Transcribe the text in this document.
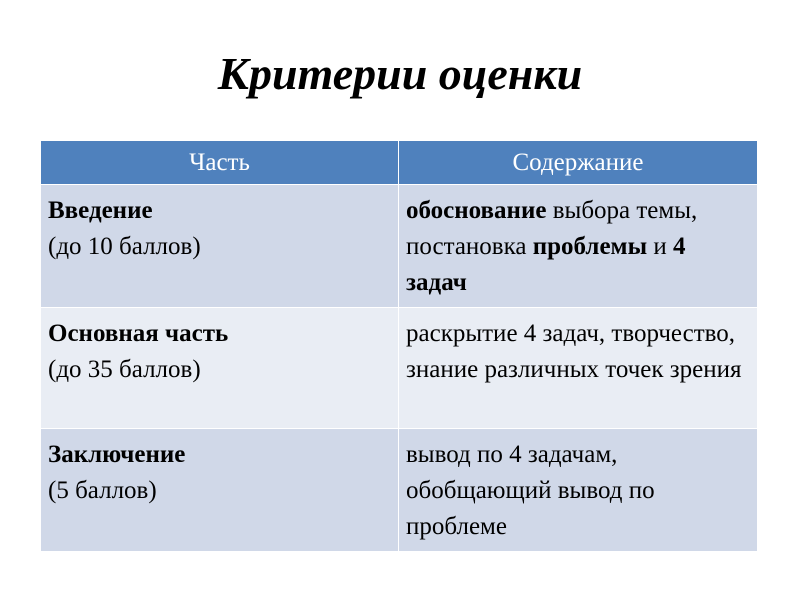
Критерии оценки
Часть	Содержание
Введение
(до 10 баллов)	обоснование выбора темы, постановка проблемы и 4 задач
Основная часть
(до 35 баллов)	раскрытие 4 задач, творчество, знание различных точек зрения
Заключение
(5 баллов)	вывод по 4 задачам, обобщающий вывод по проблеме
